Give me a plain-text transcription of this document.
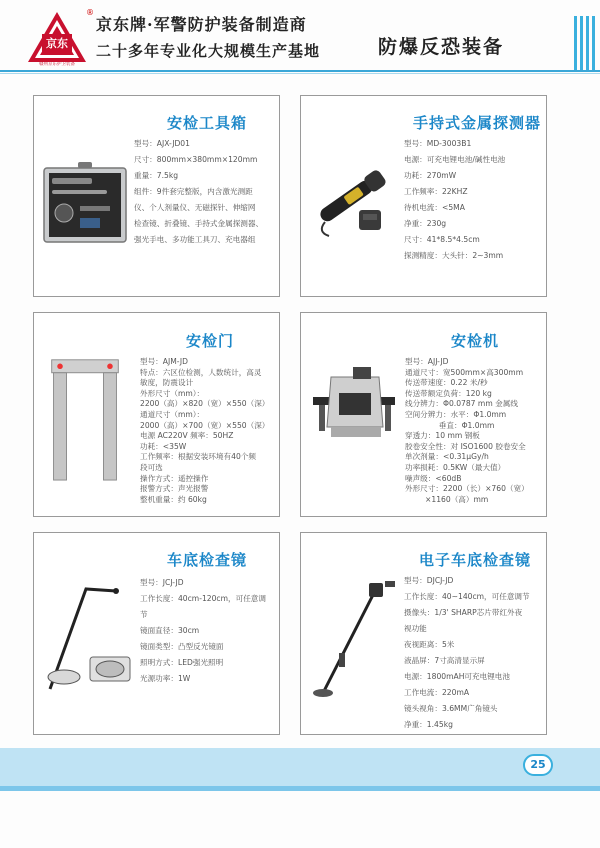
京东
赣州京东护卫装备
®
京东牌·军警防护装备制造商
二十多年专业化大规模生产基地	防爆反恐装备
安检工具箱
型号：AJX-JD01
尺寸：800mm×380mm×120mm
重量：7.5kg
组件：9件套完整版，内含激光测距
仪、个人剂量仪、无磁探针、伸缩网
检查镜、折叠镜、手持式金属探测器、
强光手电、多功能工具刀、充电器组
手持式金属探测器
型号：MD-3003B1
电源：可充电锂电池/碱性电池
功耗：270mW
工作频率：22KHZ
待机电流：<5MA
净重：230g
尺寸：41*8.5*4.5cm
探测精度：大头针：2~3mm
安检门
型号：AJM-JD
特点：六区位检测，人数统计，高灵
敏度，防震设计
外形尺寸（mm）：
2200（高）×820（宽）×550（深）
通道尺寸（mm）：
2000（高）×700（宽）×550（深）
电源 AC220V 频率：50HZ
功耗：<35W
工作频率：根据安装环境有40个频
段可选
操作方式：遥控操作
报警方式：声光报警
整机重量：约 60kg
安检机
型号：AJJ-JD
通道尺寸：宽500mm×高300mm
传送带速度：0.22 米/秒
传送带额定负荷：120 kg
线分辨力：Φ0.0787 mm 金属线
空间分辨力：水平：Φ1.0mm
垂直：Φ1.0mm
穿透力：10 mm 钢板
胶卷安全性：对 ISO1600 胶卷安全
单次剂量：<0.31μGy/h
功率损耗：0.5KW（最大值）
噪声级：<60dB
外形尺寸：2200（长）×760（宽）
×1160（高）mm
车底检查镜
型号：JCJ-JD
工作长度：40cm-120cm，可任意调
节
镜面直径：30cm
镜面类型：凸型反光镜面
照明方式：LED强光照明
光源功率：1W
电子车底检查镜
型号：DJCJ-JD
工作长度：40~140cm，可任意调节
摄像头：1/3' SHARP芯片带红外夜
视功能
夜视距离：5米
液晶屏：7寸高清显示屏
电源：1800mAH可充电锂电池
工作电流：220mA
镜头视角：3.6MM广角镜头
净重：1.45kg
25
